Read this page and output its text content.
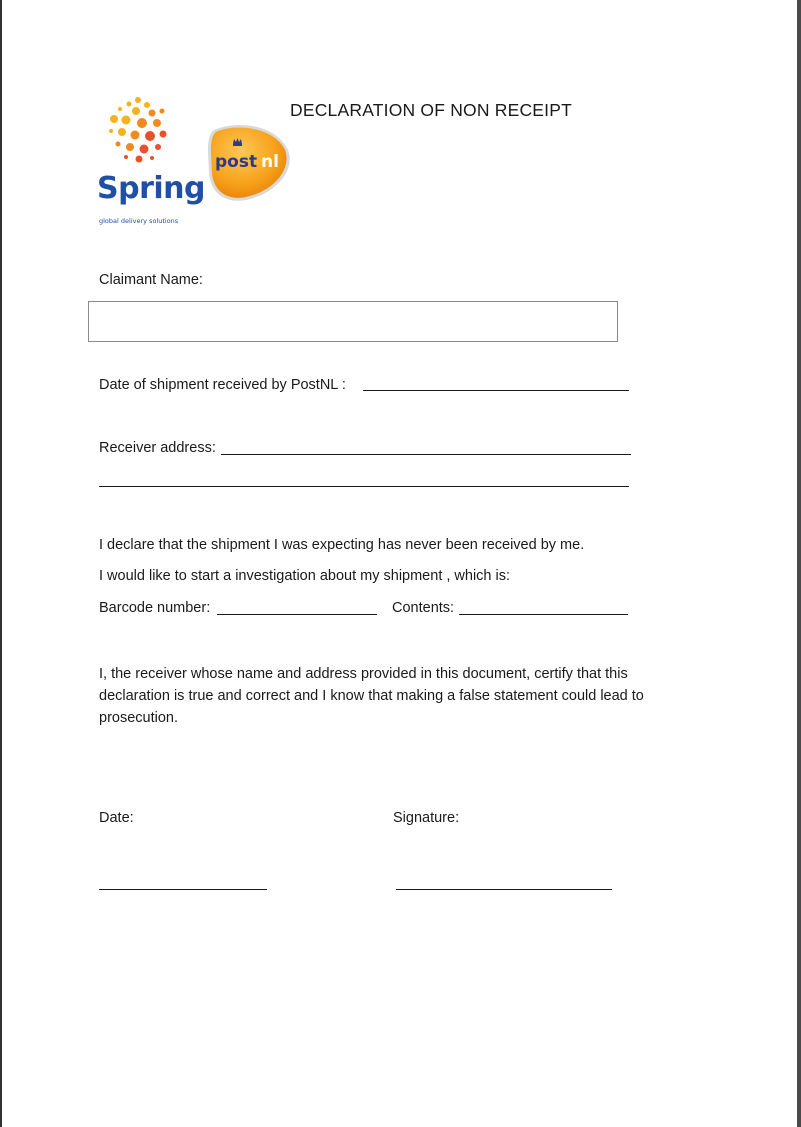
Spring
global delivery solutions
post nl
DECLARATION OF NON RECEIPT
Claimant Name:
Date of shipment received by PostNL :
Receiver address:
I declare that the shipment I was expecting has never been received by me.
I would like to start a investigation about my shipment , which is:
Barcode number:	Contents:
I, the receiver whose name and address provided in this document, certify that this declaration is true and correct and I know that making a false statement could lead to prosecution.
Date:	Signature:
